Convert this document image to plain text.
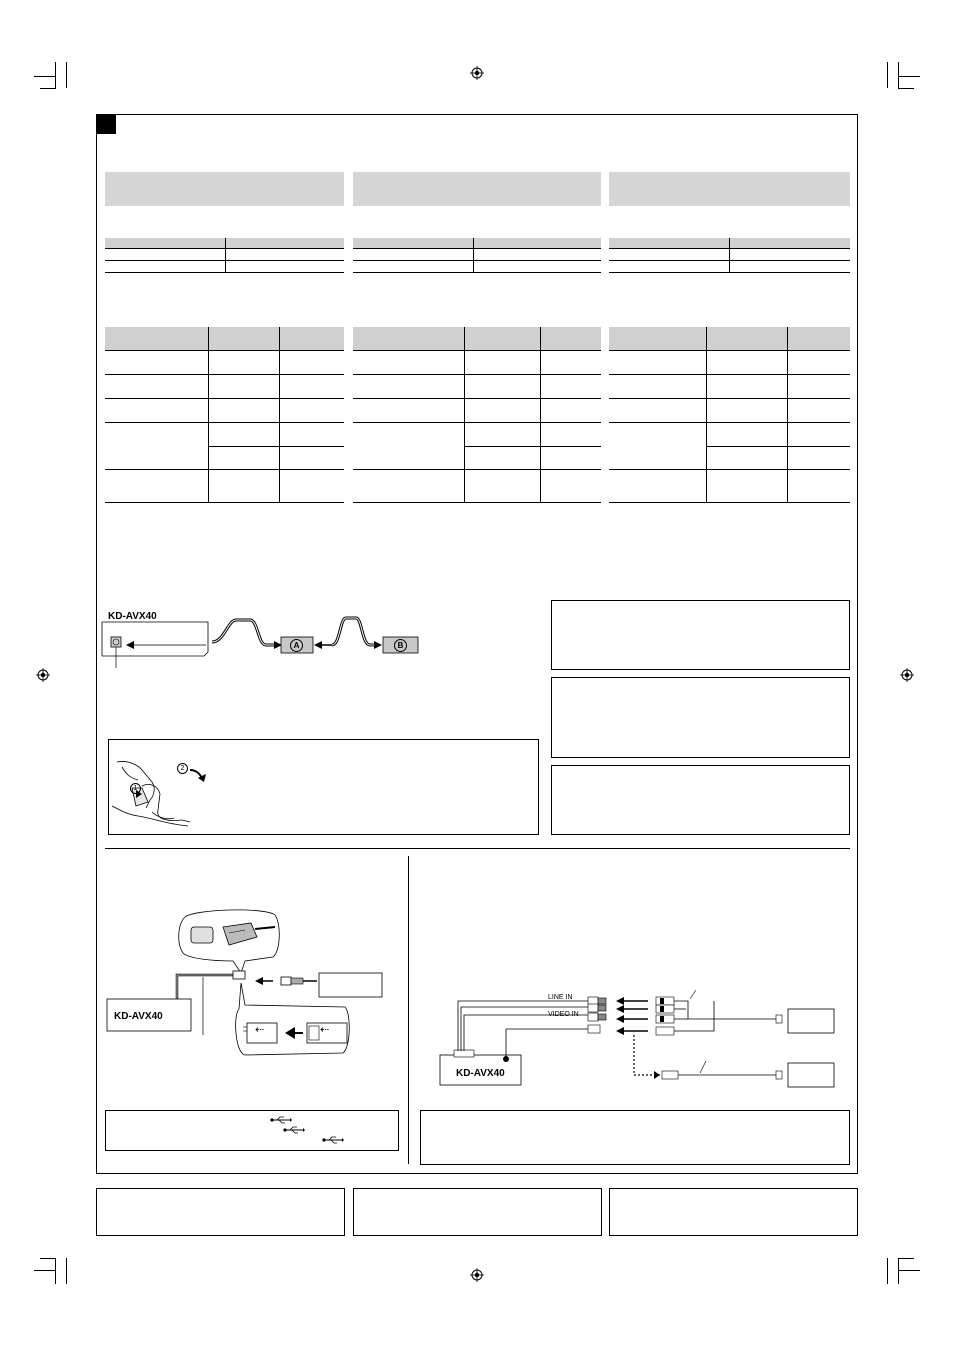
KD-AVX40
A	B
1
2
KD-AVX40
⇠	⇠
LINE IN
VIDEO IN
KD-AVX40
